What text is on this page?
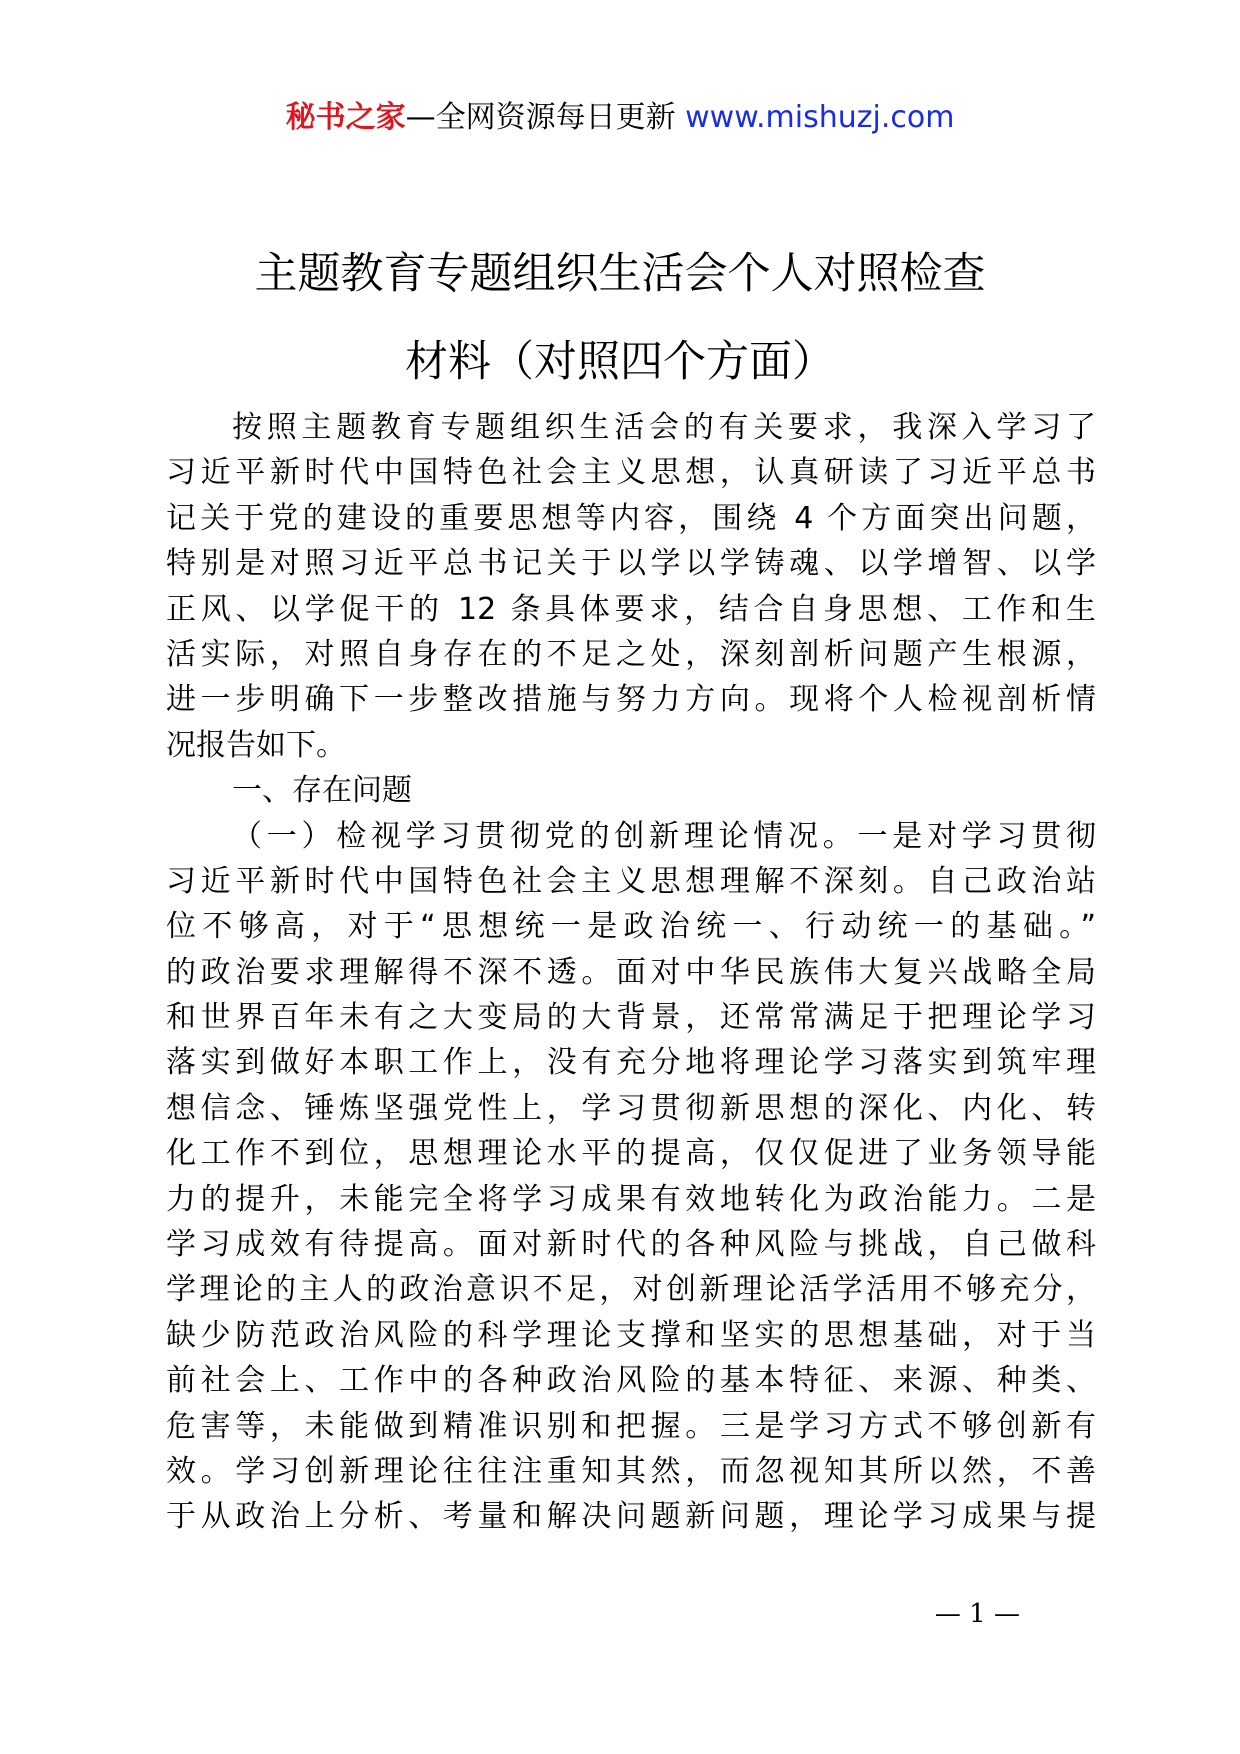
秘书之家—全网资源每日更新 www.mishuzj.com
主题教育专题组织生活会个人对照检查
材料（对照四个方面）
按照主题教育专题组织生活会的有关要求，我深入学习了
习近平新时代中国特色社会主义思想，认真研读了习近平总书
记关于党的建设的重要思想等内容，围绕 4 个方面突出问题，
特别是对照习近平总书记关于以学以学铸魂、以学增智、以学
正风、以学促干的 12 条具体要求，结合自身思想、工作和生
活实际，对照自身存在的不足之处，深刻剖析问题产生根源，
进一步明确下一步整改措施与努力方向。现将个人检视剖析情
况报告如下。
一、存在问题
（一）检视学习贯彻党的创新理论情况。一是对学习贯彻
习近平新时代中国特色社会主义思想理解不深刻。自己政治站
位不够高，对于“思想统一是政治统一、行动统一的基础。”
的政治要求理解得不深不透。面对中华民族伟大复兴战略全局
和世界百年未有之大变局的大背景，还常常满足于把理论学习
落实到做好本职工作上，没有充分地将理论学习落实到筑牢理
想信念、锤炼坚强党性上，学习贯彻新思想的深化、内化、转
化工作不到位，思想理论水平的提高，仅仅促进了业务领导能
力的提升，未能完全将学习成果有效地转化为政治能力。二是
学习成效有待提高。面对新时代的各种风险与挑战，自己做科
学理论的主人的政治意识不足，对创新理论活学活用不够充分，
缺少防范政治风险的科学理论支撑和坚实的思想基础，对于当
前社会上、工作中的各种政治风险的基本特征、来源、种类、
危害等，未能做到精准识别和把握。三是学习方式不够创新有
效。学习创新理论往往注重知其然，而忽视知其所以然，不善
于从政治上分析、考量和解决问题新问题，理论学习成果与提
— 1 —
